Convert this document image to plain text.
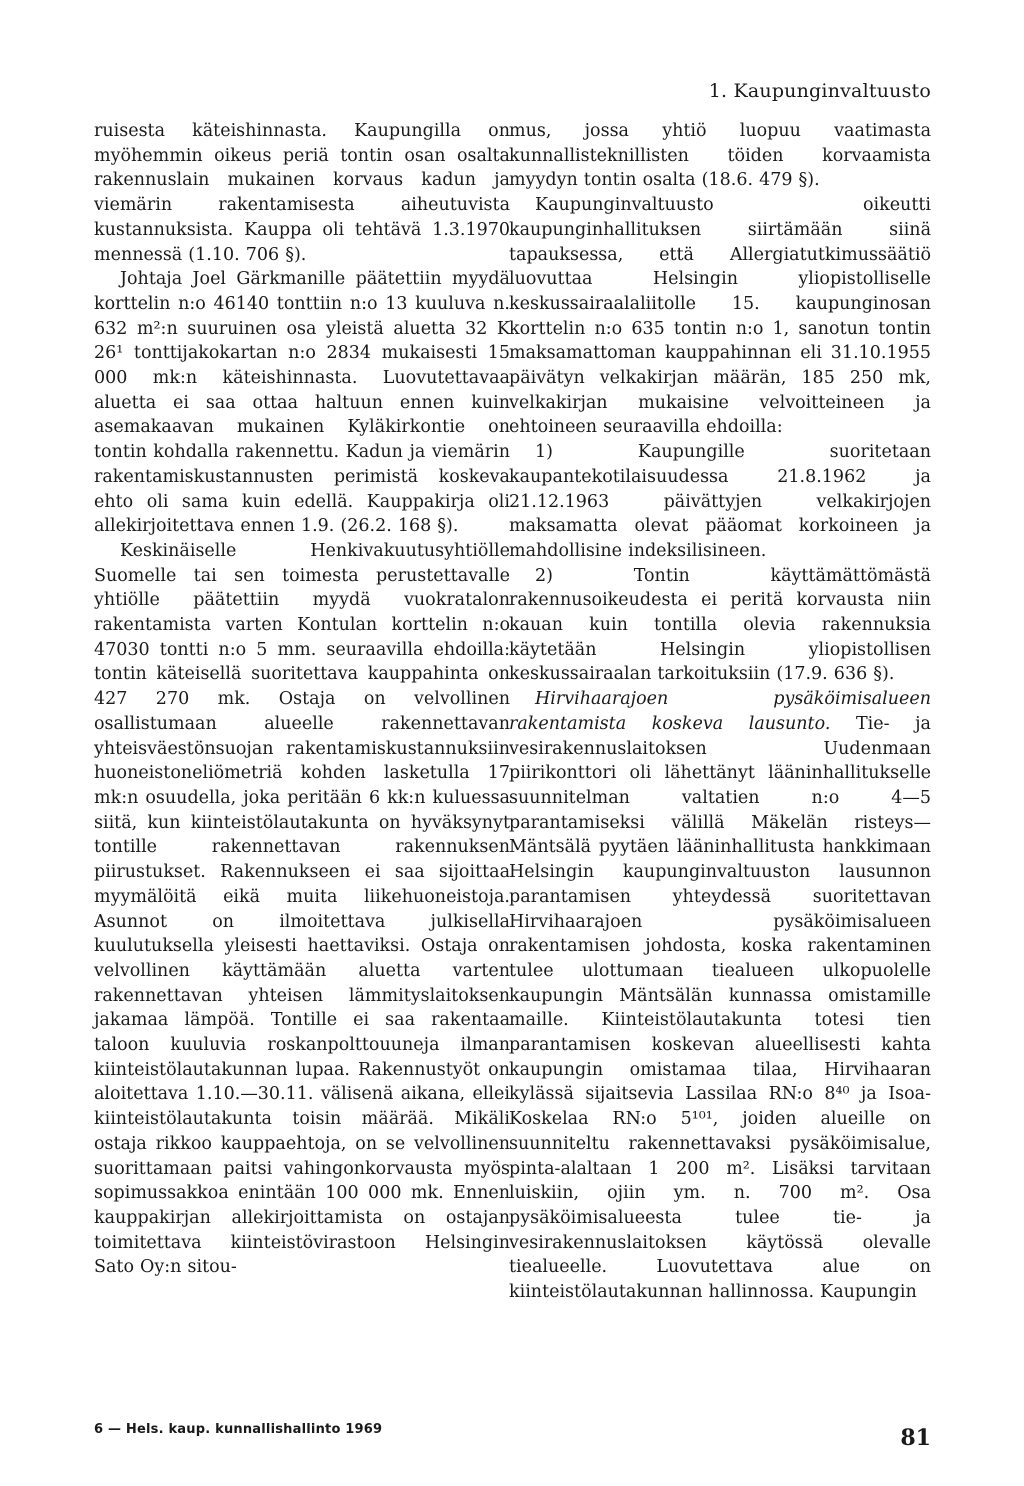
1. Kaupunginvaltuusto

ruisesta käteishinnasta. Kaupungilla on myöhemmin oikeus periä tontin osan osalta rakennuslain mukainen korvaus kadun ja viemärin rakentamisesta aiheutuvista kustannuksista. Kauppa oli tehtävä 1.3.1970 mennessä (1.10. 706 §).

Johtaja Joel Gärkmanille päätettiin myydä korttelin n:o 46140 tonttiin n:o 13 kuuluva n. 632 m²:n suuruinen osa yleistä aluetta 32 K 26¹ tonttijakokartan n:o 2834 mukaisesti 15 000 mk:n käteishinnasta. Luovutettavaa aluetta ei saa ottaa haltuun ennen kuin asemakaavan mukainen Kyläkirkontie on tontin kohdalla rakennettu. Kadun ja viemärin rakentamiskustannusten perimistä koskeva ehto oli sama kuin edellä. Kauppakirja oli allekirjoitettava ennen 1.9. (26.2. 168 §).

Keskinäiselle Henkivakuutusyhtiölle Suomelle tai sen toimesta perustettavalle yhtiölle päätettiin myydä vuokratalon rakentamista varten Kontulan korttelin n:o 47030 tontti n:o 5 mm. seuraavilla ehdoilla: tontin käteisellä suoritettava kauppahinta on 427 270 mk. Ostaja on velvollinen osallistumaan alueelle rakennettavan yhteisväestönsuojan rakentamiskustannuksiin huoneistoneliömetriä kohden lasketulla 17 mk:n osuudella, joka peritään 6 kk:n kuluessa siitä, kun kiinteistölautakunta on hyväksynyt tontille rakennettavan rakennuksen piirustukset. Rakennukseen ei saa sijoittaa myymälöitä eikä muita liikehuoneistoja. Asunnot on ilmoitettava julkisella kuulutuksella yleisesti haettaviksi. Ostaja on velvollinen käyttämään aluetta varten rakennettavan yhteisen lämmityslaitoksen jakamaa lämpöä. Tontille ei saa rakentaa taloon kuuluvia roskanpolttouuneja ilman kiinteistölautakunnan lupaa. Rakennustyöt on aloitettava 1.10.—30.11. välisenä aikana, ellei kiinteistölautakunta toisin määrää. Mikäli ostaja rikkoo kauppaehtoja, on se velvollinen suorittamaan paitsi vahingonkorvausta myös sopimussakkoa enintään 100 000 mk. Ennen kauppakirjan allekirjoittamista on ostajan toimitettava kiinteistövirastoon Helsingin Sato Oy:n sitou-

mus, jossa yhtiö luopuu vaatimasta kunnallisteknillisten töiden korvaamista myydyn tontin osalta (18.6. 479 §).

Kaupunginvaltuusto oikeutti kaupunginhallituksen siirtämään siinä tapauksessa, että Allergiatutkimussäätiö luovuttaa Helsingin yliopistolliselle keskussairaalaliitolle 15. kaupunginosan korttelin n:o 635 tontin n:o 1, sanotun tontin maksamattoman kauppahinnan eli 31.10.1955 päivätyn velkakirjan määrän, 185 250 mk, velkakirjan mukaisine velvoitteineen ja ehtoineen seuraavilla ehdoilla:

1) Kaupungille suoritetaan kaupantekotilaisuudessa 21.8.1962 ja 21.12.1963 päivättyjen velkakirjojen maksamatta olevat pääomat korkoineen ja mahdollisine indeksilisineen.

2) Tontin käyttämättömästä rakennusoikeudesta ei peritä korvausta niin kauan kuin tontilla olevia rakennuksia käytetään Helsingin yliopistollisen keskussairaalan tarkoituksiin (17.9. 636 §).

Hirvihaarajoen pysäköimisalueen rakentamista koskeva lausunto. Tie- ja vesirakennuslaitoksen Uudenmaan piirikonttori oli lähettänyt lääninhallitukselle suunnitelman valtatien n:o 4—5 parantamiseksi välillä Mäkelän risteys—Mäntsälä pyytäen lääninhallitusta hankkimaan Helsingin kaupunginvaltuuston lausunnon parantamisen yhteydessä suoritettavan Hirvihaarajoen pysäköimisalueen rakentamisen johdosta, koska rakentaminen tulee ulottumaan tiealueen ulkopuolelle kaupungin Mäntsälän kunnassa omistamille maille. Kiinteistölautakunta totesi tien parantamisen koskevan alueellisesti kahta kaupungin omistamaa tilaa, Hirvihaaran kylässä sijaitsevia Lassilaa RN:o 8⁴⁰ ja Isoa-Koskelaa RN:o 5¹⁰¹, joiden alueille on suunniteltu rakennettavaksi pysäköimisalue, pinta-alaltaan 1 200 m². Lisäksi tarvitaan luiskiin, ojiin ym. n. 700 m². Osa pysäköimisalueesta tulee tie- ja vesirakennuslaitoksen käytössä olevalle tiealueelle. Luovutettava alue on kiinteistölautakunnan hallinnossa. Kaupungin

6 — Hels. kaup. kunnallishallinto 1969	81
